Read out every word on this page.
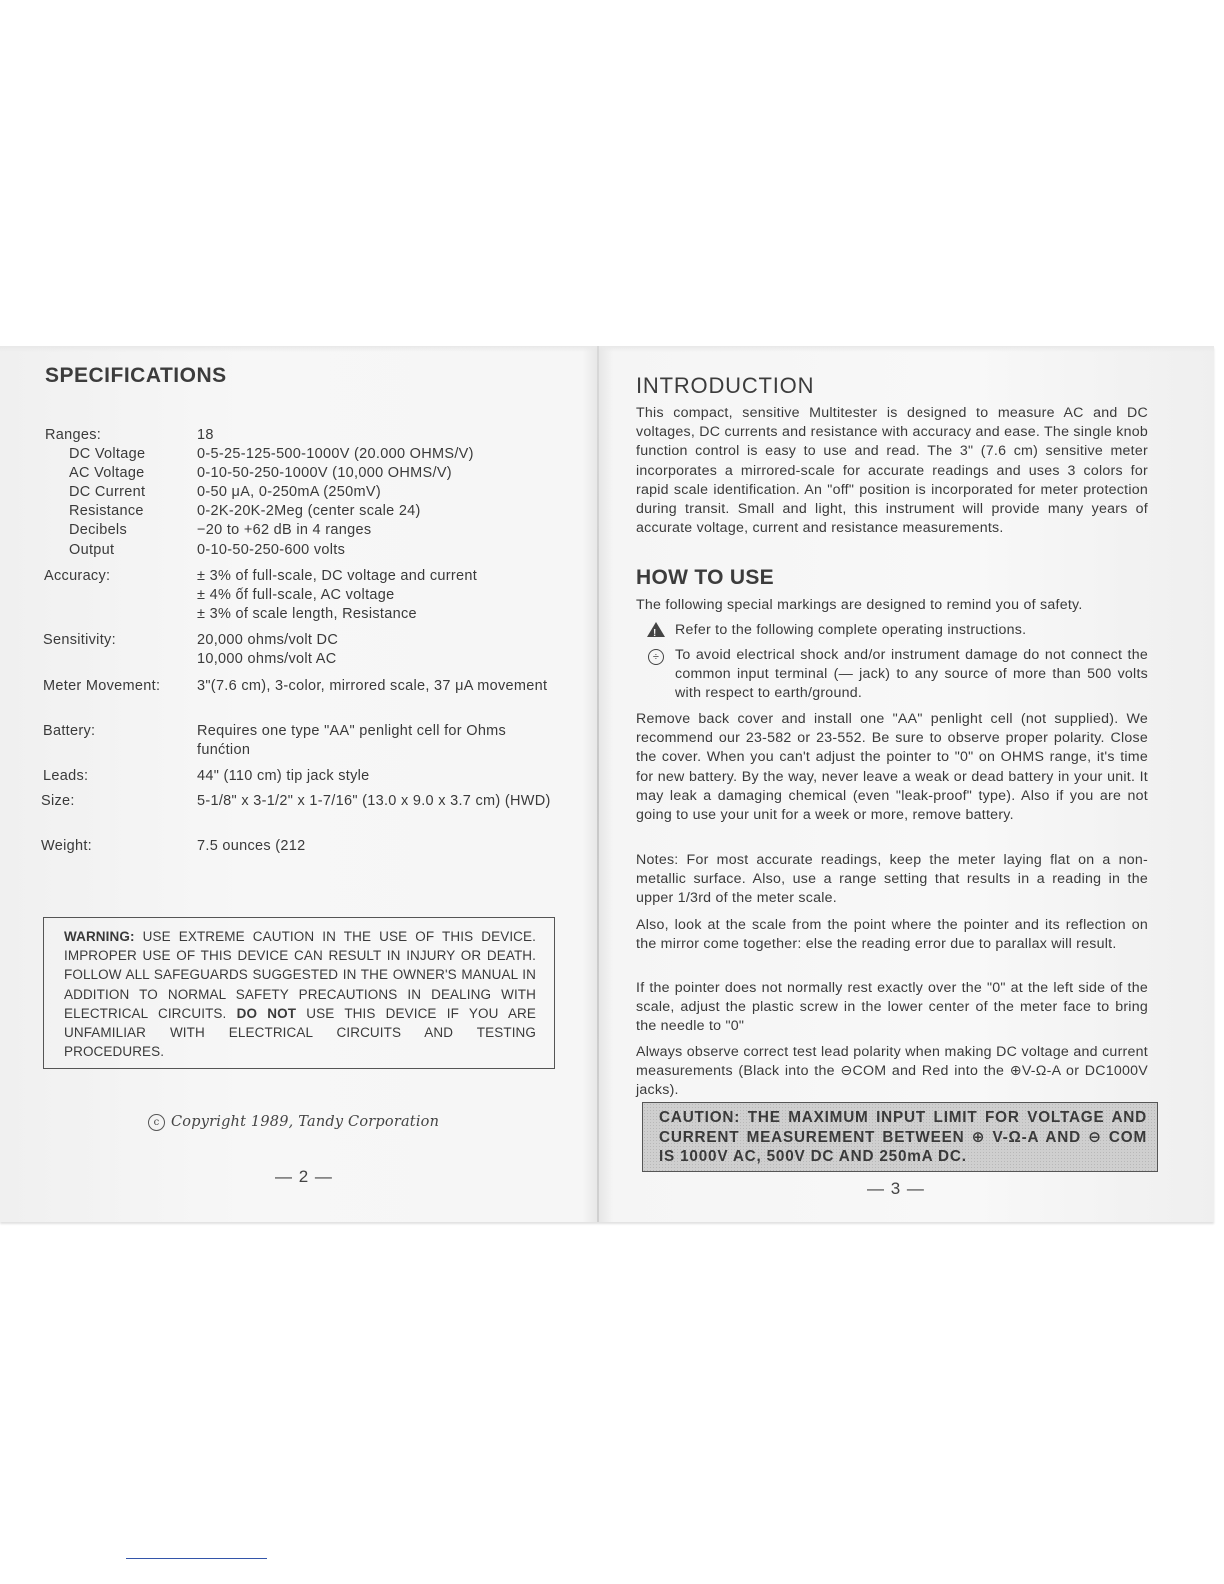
SPECIFICATIONS
Ranges:	18
DC Voltage	0-5-25-125-500-1000V (20.000 OHMS/V)
AC Voltage	0-10-50-250-1000V (10,000 OHMS/V)
DC Current	0-50 μA, 0-250mA (250mV)
Resistance	0-2K-20K-2Meg (center scale 24)
Decibels	−20 to +62 dB in 4 ranges
Output	0-10-50-250-600 volts
Accuracy:	± 3% of full-scale, DC voltage and current
± 4% ốf full-scale, AC voltage
± 3% of scale length, Resistance
Sensitivity:	20,000 ohms/volt DC
10,000 ohms/volt AC
Meter Movement:	3"(7.6 cm), 3-color, mirrored scale, 37 μA movement
Battery:	Requires one type "AA" penlight cell for Ohms funćtion
Leads:	44" (110 cm) tip jack style
Size:	5-1/8" x 3-1/2" x 1-7/16" (13.0 x 9.0 x 3.7 cm) (HWD)
Weight:	7.5 ounces (212
WARNING: USE EXTREME CAUTION IN THE USE OF THIS DEVICE. IMPROPER USE OF THIS DEVICE CAN RESULT IN INJURY OR DEATH. FOLLOW ALL SAFEGUARDS SUGGESTED IN THE OWNER'S MANUAL IN ADDITION TO NORMAL SAFETY PRECAUTIONS IN DEALING WITH ELECTRICAL CIRCUITS. DO NOT USE THIS DEVICE IF YOU ARE UNFAMILIAR WITH ELECTRICAL CIRCUITS AND TESTING PROCEDURES.
c Copyright 1989, Tandy Corporation
— 2 —
INTRODUCTION
This compact, sensitive Multitester is designed to measure AC and DC voltages, DC currents and resistance with accuracy and ease. The single knob function control is easy to use and read. The 3" (7.6 cm) sensitive meter incorporates a mirrored-scale for accurate readings and uses 3 colors for rapid scale identification. An "off" position is incorporated for meter protection during transit. Small and light, this instrument will provide many years of accurate voltage, current and resistance measurements.
HOW TO USE
The following special markings are designed to remind you of safety.
!
Refer to the following complete operating instructions.
÷	To avoid electrical shock and/or instrument damage do not connect the common input terminal (— jack) to any source of more than 500 volts with respect to earth/ground.
Remove back cover and install one "AA" penlight cell (not supplied). We recommend our 23-582 or 23-552. Be sure to observe proper polarity. Close the cover. When you can't adjust the pointer to "0" on OHMS range, it's time for new battery. By the way, never leave a weak or dead battery in your unit. It may leak a damaging chemical (even "leak-proof" type). Also if you are not going to use your unit for a week or more, remove battery.
Notes: For most accurate readings, keep the meter laying flat on a non-metallic surface. Also, use a range setting that results in a reading in the upper 1/3rd of the meter scale.
Also, look at the scale from the point where the pointer and its reflection on the mirror come together: else the reading error due to parallax will result.
If the pointer does not normally rest exactly over the "0" at the left side of the scale, adjust the plastic screw in the lower center of the meter face to bring the needle to "0"
Always observe correct test lead polarity when making DC voltage and current measurements (Black into the ⊖COM and Red into the ⊕V-Ω-A or DC1000V jacks).
CAUTION: THE MAXIMUM INPUT LIMIT FOR VOLTAGE AND CURRENT MEASUREMENT BETWEEN ⊕ V-Ω-A AND ⊖ COM IS 1000V AC, 500V DC AND 250mA DC.
— 3 —
